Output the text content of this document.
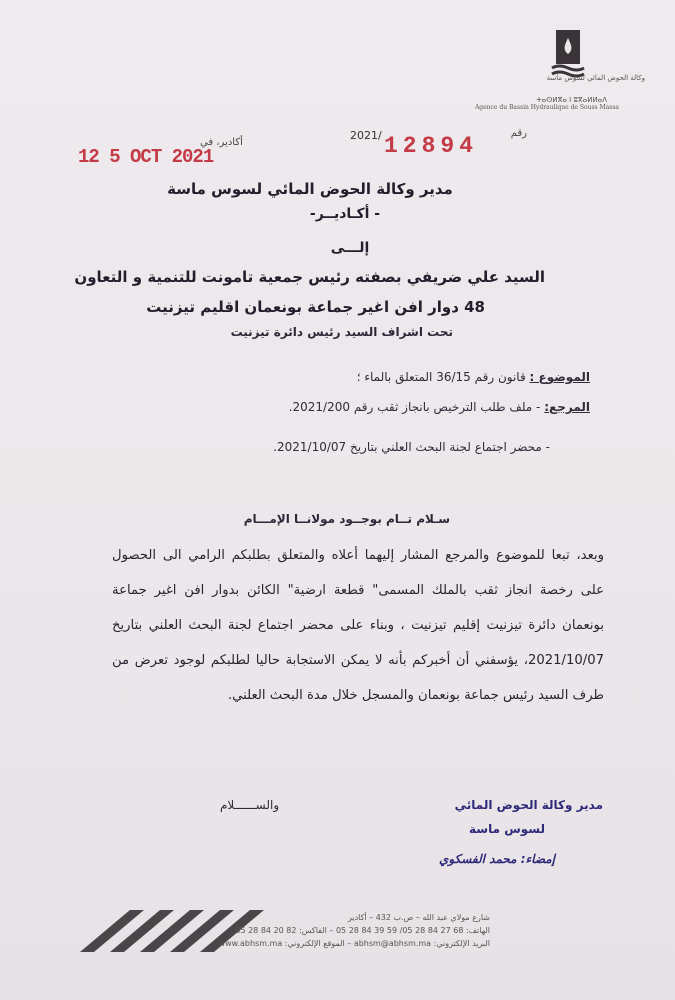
وكالة الحوض المائي لسوس ماسة
ⵜⴰⵙⵍⴳⴰ ⵏ ⵓⴳⴰⵍⵍⴰⴷ
Agence du Bassin Hydraulique de Souss Massa
رقم
2021/ 12894
أكادير، في
12 5 OCT 2021
مدير وكالة الحوض المائي لسوس ماسة
- أكـاديــر-
إلـــى
السيد علي ضريفي بصفته رئيس جمعية تامونت للتنمية و التعاون
48 دوار افن اغير جماعة بونعمان اقليم تيزنيت
تحت اشراف السيد رئيس دائرة تيزنيت
الموضوع : قانون رقم 36/15 المتعلق بالماء ؛
المرجع: - ملف طلب الترخيص بانجاز ثقب رقم 2021/200.
- محضر اجتماع لجنة البحث العلني بتاريخ 2021/10/07.
سـلام تــام بوجــود مولانــا الإمـــام
وبعد، تبعا للموضوع والمرجع المشار إليهما أعلاه والمتعلق بطلبكم الرامي الى الحصول
على رخصة انجاز ثقب بالملك المسمى" قطعة ارضية" الكائن بدوار افن اغير جماعة
بونعمان دائرة تيزنيت إقليم تيزنيت ، وبناء على محضر اجتماع لجنة البحث العلني بتاريخ
2021/10/07، يؤسفني أن أخبركم بأنه لا يمكن الاستجابة حاليا لطلبكم لوجود تعرض من
طرف السيد رئيس جماعة بونعمان والمسجل خلال مدة البحث العلني.
مدير وكالة الحوض المائي
والســــــلام
لسوس ماسة
إمضاء: محمد الفسكوي
شارع مولاي عبد الله – ص.ب 432 – أكادير
الهاتف: 68 27 84 28 05/ 59 39 84 28 05 – الفاكس: 82 20 84 28 05
البريد الإلكتروني: abhsm@abhsm.ma – الموقع الإلكتروني: www.abhsm.ma
